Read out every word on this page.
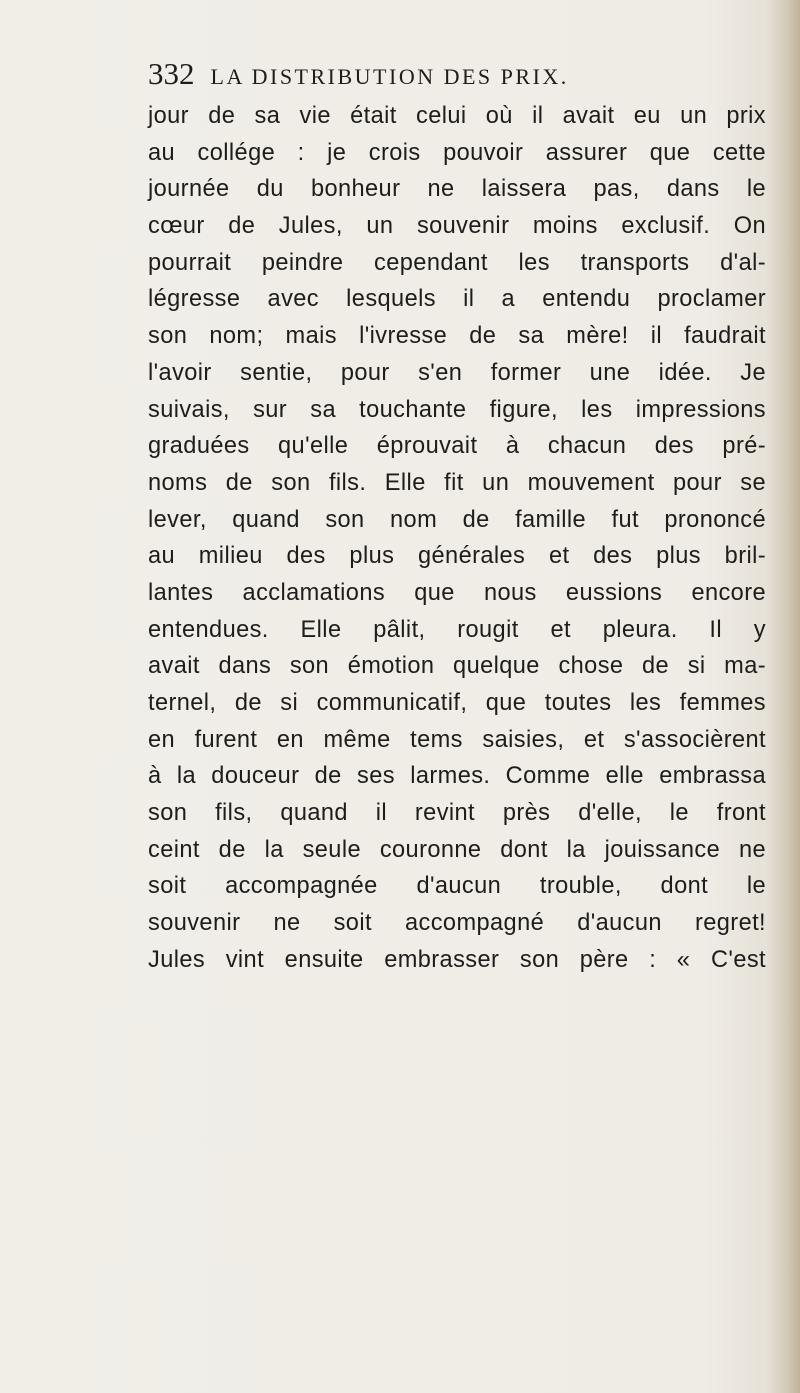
332 LA DISTRIBUTION DES PRIX.
jour de sa vie était celui où il avait eu un prix
au collége : je crois pouvoir assurer que cette
journée du bonheur ne laissera pas, dans le
cœur de Jules, un souvenir moins exclusif. On
pourrait peindre cependant les transports d'al-
légresse avec lesquels il a entendu proclamer
son nom; mais l'ivresse de sa mère! il faudrait
l'avoir sentie, pour s'en former une idée. Je
suivais, sur sa touchante figure, les impressions
graduées qu'elle éprouvait à chacun des pré-
noms de son fils. Elle fit un mouvement pour se
lever, quand son nom de famille fut prononcé
au milieu des plus générales et des plus bril-
lantes acclamations que nous eussions encore
entendues. Elle pâlit, rougit et pleura. Il y
avait dans son émotion quelque chose de si ma-
ternel, de si communicatif, que toutes les femmes
en furent en même tems saisies, et s'associèrent
à la douceur de ses larmes. Comme elle embrassa
son fils, quand il revint près d'elle, le front
ceint de la seule couronne dont la jouissance ne
soit accompagnée d'aucun trouble, dont le
souvenir ne soit accompagné d'aucun regret!
Jules vint ensuite embrasser son père : « C'est
